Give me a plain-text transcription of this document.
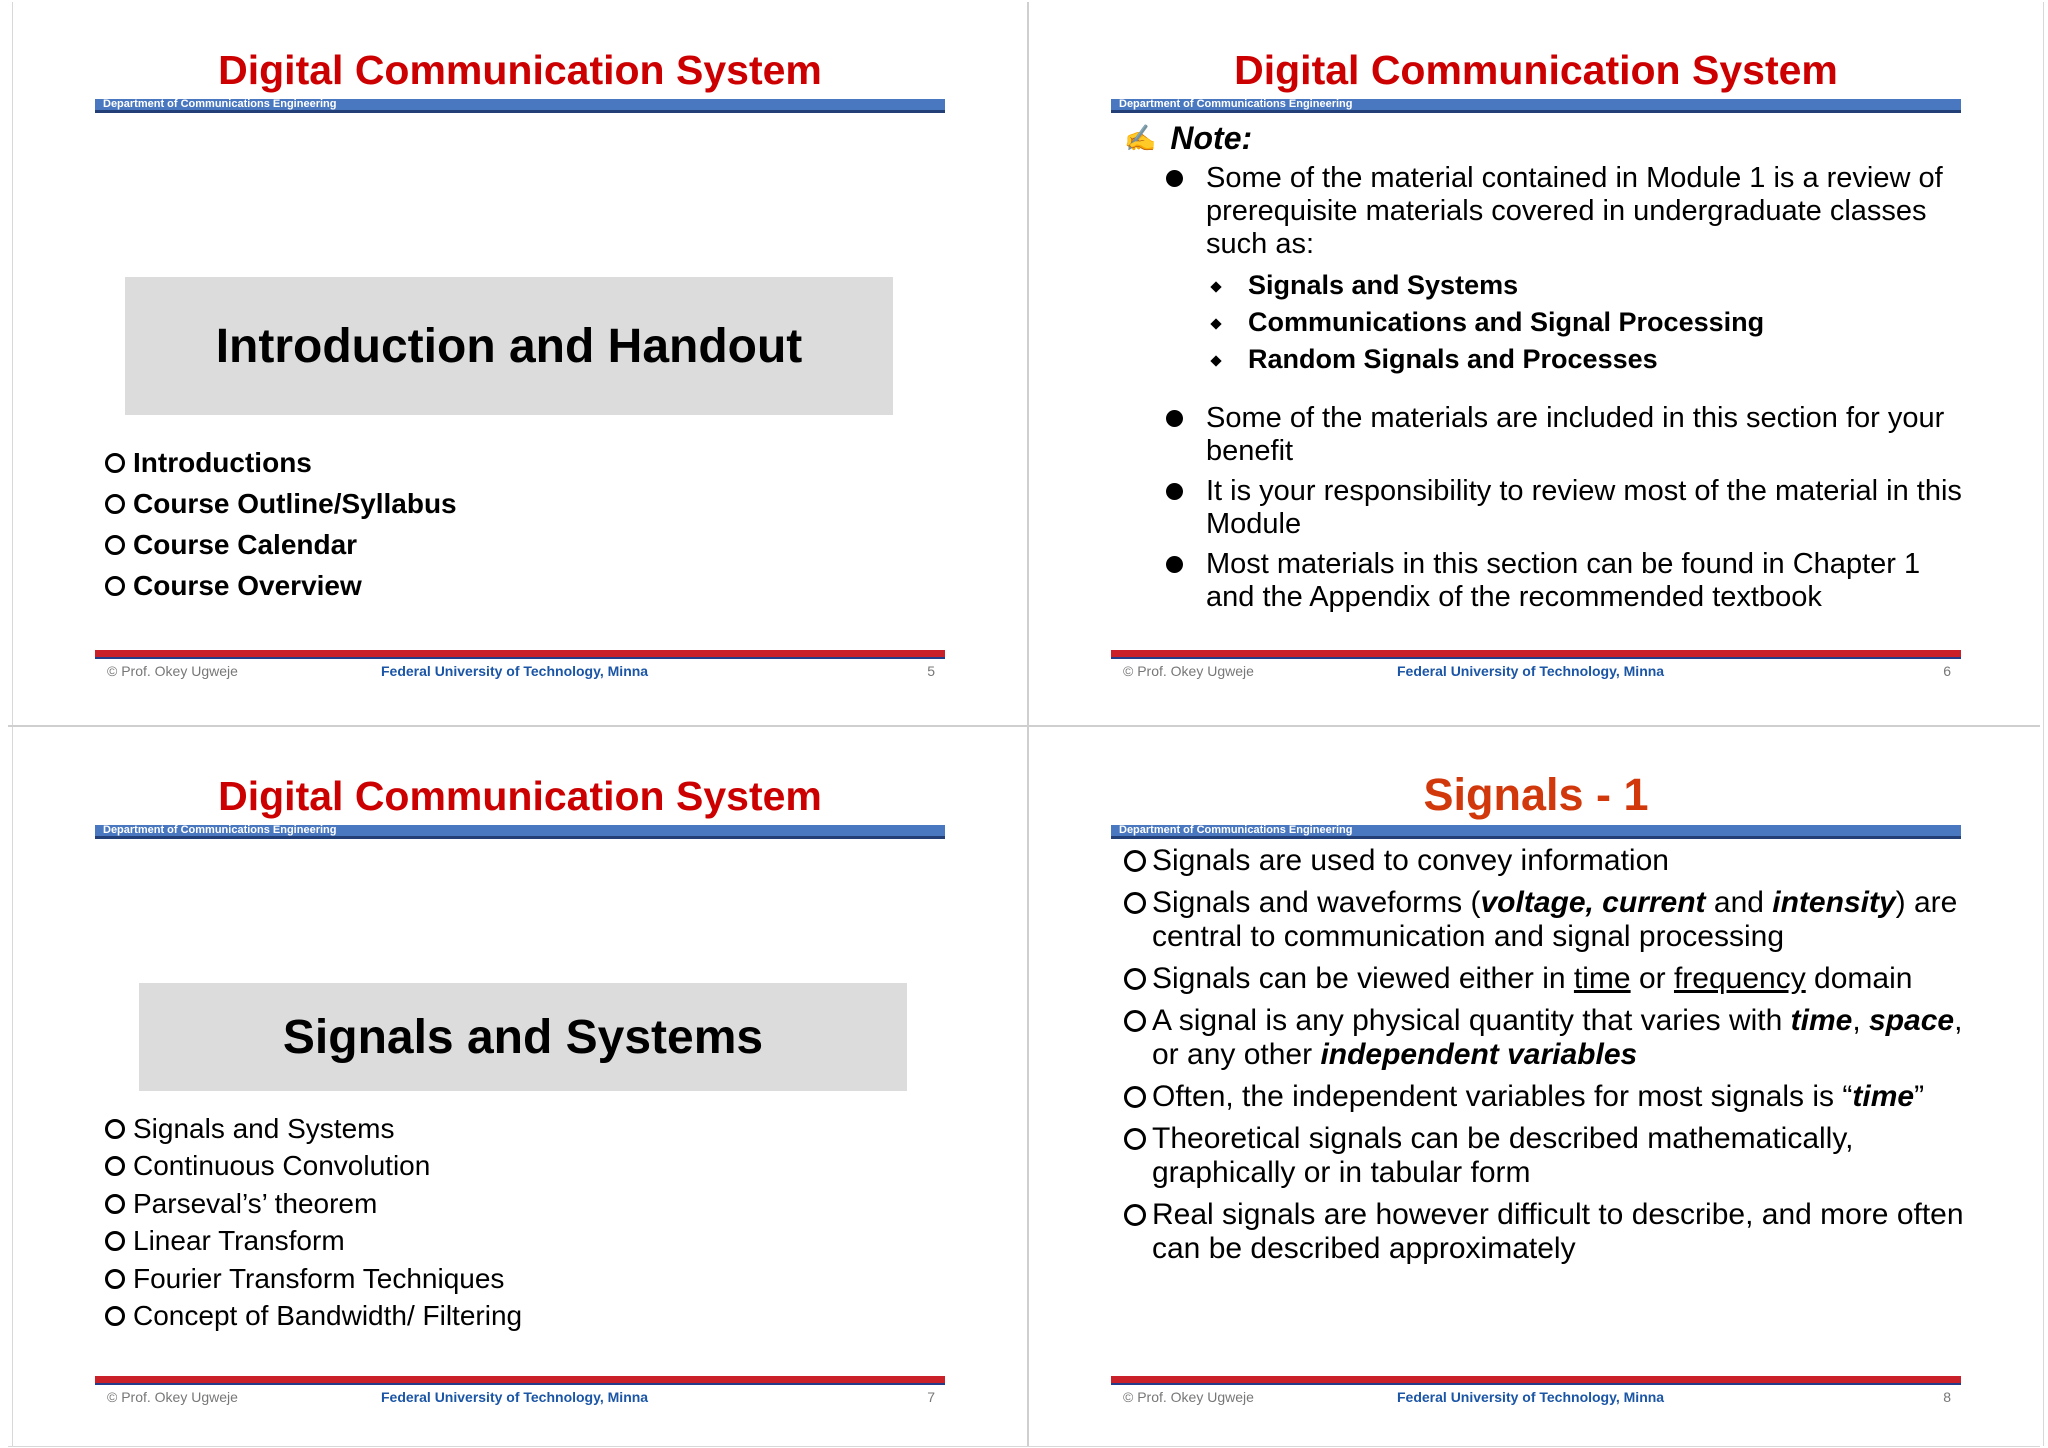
Digital Communication System
Department of Communications Engineering
Introduction and Handout
Introductions
Course Outline/Syllabus
Course Calendar
Course Overview
© Prof. Okey Ugweje	Federal University of Technology, Minna	5
Digital Communication System
Department of Communications Engineering
✍ Note:
Some of the material contained in Module 1 is a review of prerequisite materials covered in undergraduate classes such as:
Signals and Systems
Communications and Signal Processing
Random Signals and Processes
Some of the materials are included in this section for your benefit
It is your responsibility to review most of the material in this Module
Most materials in this section can be found in Chapter 1 and the Appendix of the recommended textbook
© Prof. Okey Ugweje	Federal University of Technology, Minna	6
Digital Communication System
Department of Communications Engineering
Signals and Systems
Signals and Systems
Continuous Convolution
Parseval’s’ theorem
Linear Transform
Fourier Transform Techniques
Concept of Bandwidth/ Filtering
© Prof. Okey Ugweje	Federal University of Technology, Minna	7
Signals - 1
Department of Communications Engineering
Signals are used to convey information
Signals and waveforms (voltage, current and intensity) are central to communication and signal processing
Signals can be viewed either in time or frequency domain
A signal is any physical quantity that varies with time, space, or any other independent variables
Often, the independent variables for most signals is “time”
Theoretical signals can be described mathematically, graphically or in tabular form
Real signals are however difficult to describe, and more often can be described approximately
© Prof. Okey Ugweje	Federal University of Technology, Minna	8
